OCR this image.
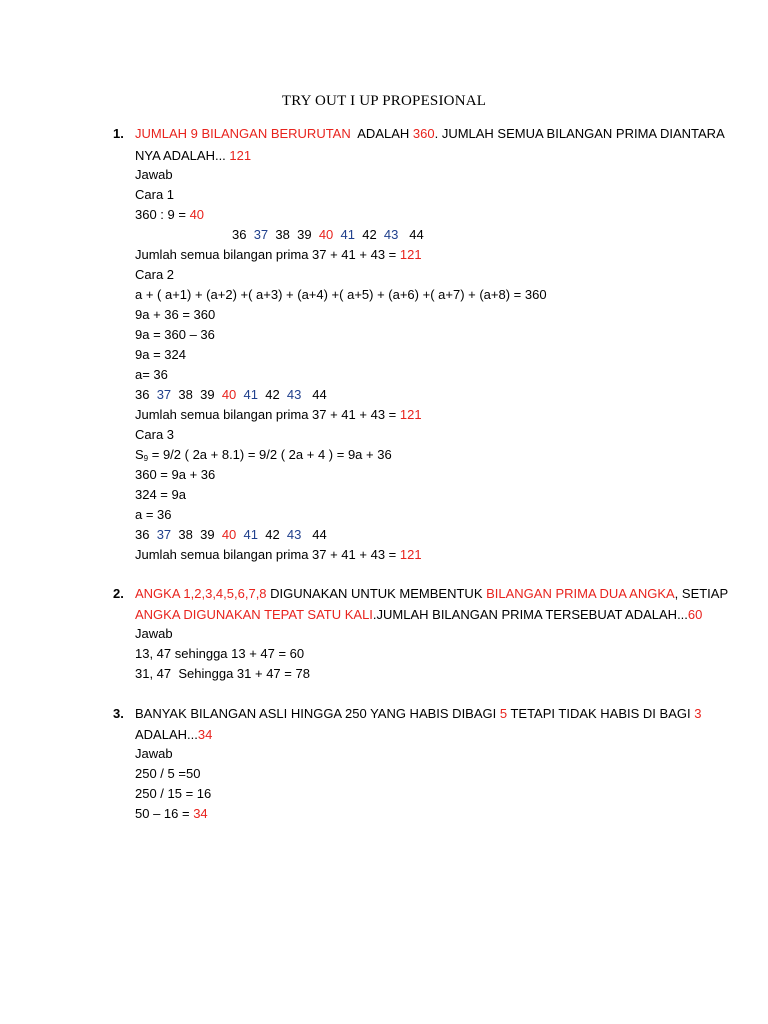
TRY OUT I UP PROPESIONAL
1. JUMLAH 9 BILANGAN BERURUTAN  ADALAH 360. JUMLAH SEMUA BILANGAN PRIMA DIANTARA
NYA ADALAH... 121
Jawab
Cara 1
360 : 9 = 40
36 37 38 39 40 41 42 43 44
Jumlah semua bilangan prima 37 + 41 + 43 = 121
Cara 2
a + ( a+1) + (a+2) +( a+3) + (a+4) +( a+5) + (a+6) +( a+7) + (a+8) = 360
9a + 36 = 360
9a = 360 – 36
9a = 324
a= 36
36 37 38 39 40 41 42 43 44
Jumlah semua bilangan prima 37 + 41 + 43 = 121
Cara 3
$S_9 = 9/2$ ( 2a + 8.1) = 9/2 ( 2a + 4 ) = 9a + 36
360 = 9a + 36
324 = 9a
a = 36
36 37 38 39 40 41 42 43 44
Jumlah semua bilangan prima 37 + 41 + 43 = 121
2. ANGKA 1,2,3,4,5,6,7,8 DIGUNAKAN UNTUK MEMBENTUK BILANGAN PRIMA DUA ANGKA, SETIAP
ANGKA DIGUNAKAN TEPAT SATU KALI.JUMLAH BILANGAN PRIMA TERSEBUAT ADALAH...60
Jawab
13, 47 sehingga 13 + 47 = 60
31, 47  Sehingga 31 + 47 = 78
3. BANYAK BILANGAN ASLI HINGGA 250 YANG HABIS DIBAGI 5 TETAPI TIDAK HABIS DI BAGI 3
ADALAH...34
Jawab
250 / 5 =50
250 / 15 = 16
50 – 16 = 34
